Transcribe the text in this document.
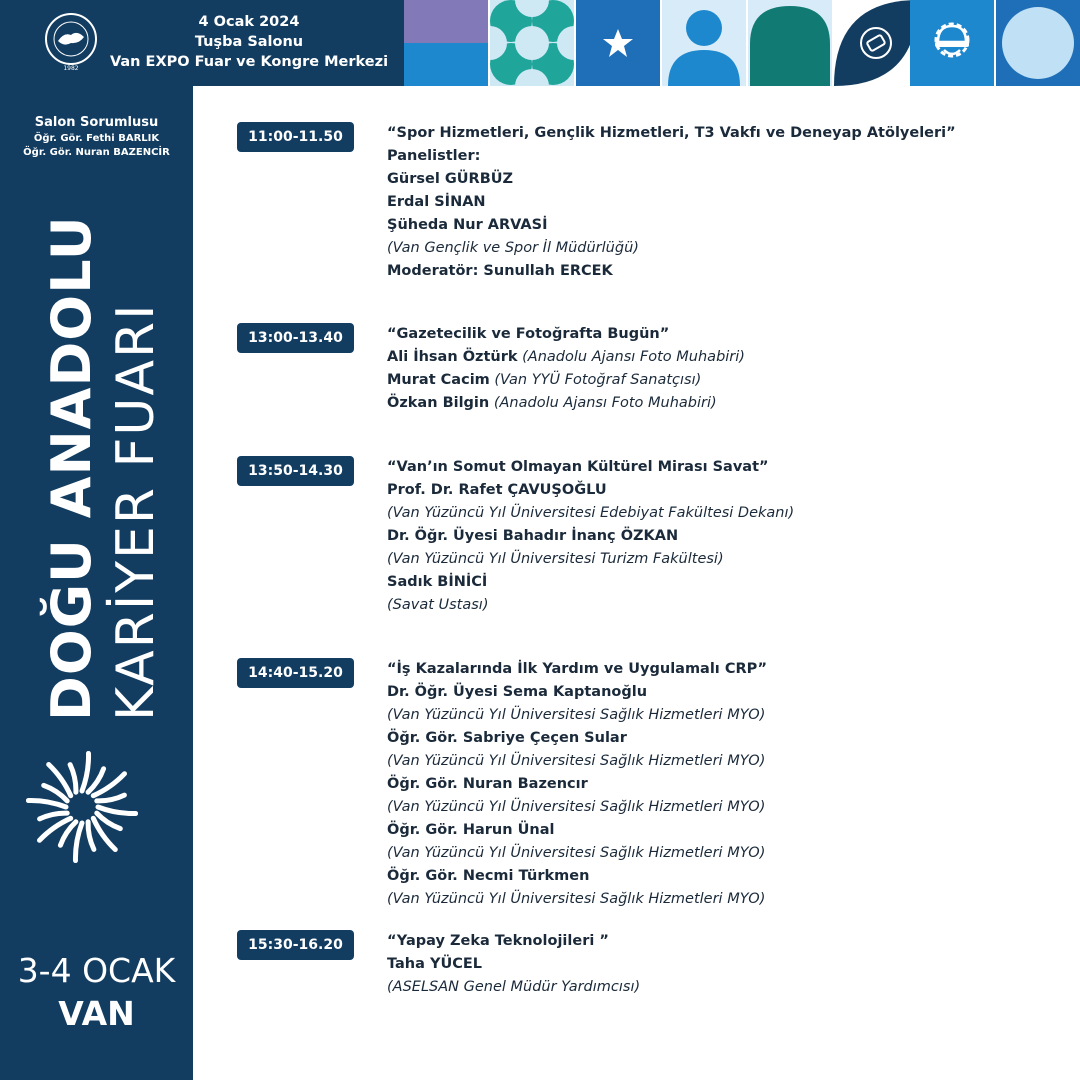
1982
4 Ocak 2024
Tuşba Salonu
Van EXPO Fuar ve Kongre Merkezi
Salon Sorumlusu
Öğr. Gör. Fethi BARLIK
Öğr. Gör. Nuran BAZENCİR
DOĞU ANADOLU KARİYER FUARI
3-4 OCAK
VAN
11:00-11.50	“Spor Hizmetleri, Gençlik Hizmetleri, T3 Vakfı ve Deneyap Atölyeleri”
Panelistler:
Gürsel GÜRBÜZ
Erdal SİNAN
Şüheda Nur ARVASİ
(Van Gençlik ve Spor İl Müdürlüğü)
Moderatör: Sunullah ERCEK
13:00-13.40	“Gazetecilik ve Fotoğrafta Bugün”
Ali İhsan Öztürk (Anadolu Ajansı Foto Muhabiri)
Murat Cacim (Van YYÜ Fotoğraf Sanatçısı)
Özkan Bilgin (Anadolu Ajansı Foto Muhabiri)
13:50-14.30	“Van’ın Somut Olmayan Kültürel Mirası Savat”
Prof. Dr. Rafet ÇAVUŞOĞLU
(Van Yüzüncü Yıl Üniversitesi Edebiyat Fakültesi Dekanı)
Dr. Öğr. Üyesi Bahadır İnanç ÖZKAN
(Van Yüzüncü Yıl Üniversitesi Turizm Fakültesi)
Sadık BİNİCİ
(Savat Ustası)
14:40-15.20	“İş Kazalarında İlk Yardım ve Uygulamalı CRP”
Dr. Öğr. Üyesi Sema Kaptanoğlu
(Van Yüzüncü Yıl Üniversitesi Sağlık Hizmetleri MYO)
Öğr. Gör. Sabriye Çeçen Sular
(Van Yüzüncü Yıl Üniversitesi Sağlık Hizmetleri MYO)
Öğr. Gör. Nuran Bazencır
(Van Yüzüncü Yıl Üniversitesi Sağlık Hizmetleri MYO)
Öğr. Gör. Harun Ünal
(Van Yüzüncü Yıl Üniversitesi Sağlık Hizmetleri MYO)
Öğr. Gör. Necmi Türkmen
(Van Yüzüncü Yıl Üniversitesi Sağlık Hizmetleri MYO)
15:30-16.20	“Yapay Zeka Teknolojileri ”
Taha YÜCEL
(ASELSAN Genel Müdür Yardımcısı)
